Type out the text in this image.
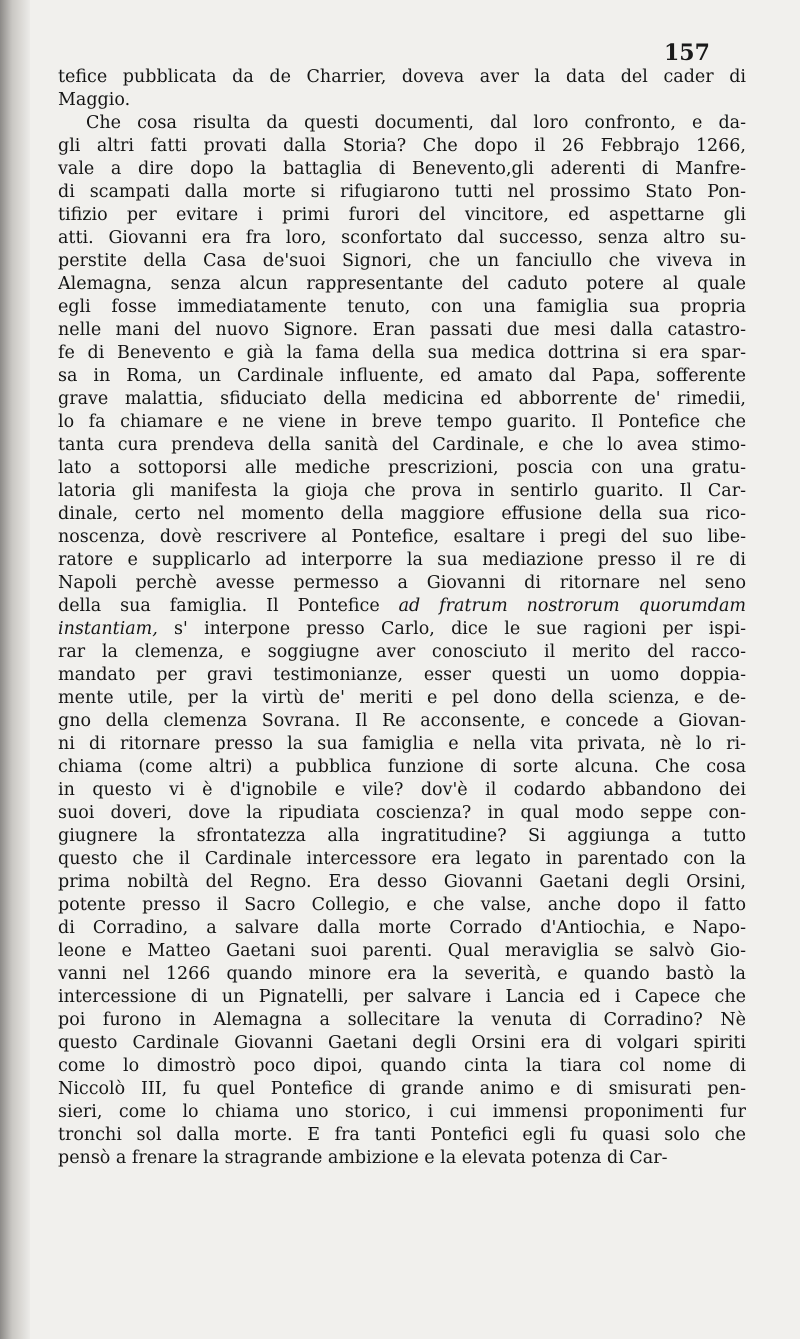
157
tefice pubblicata da de Charrier, doveva aver la data del cader di
Maggio.
Che cosa risulta da questi documenti, dal loro confronto, e da-
gli altri fatti provati dalla Storia? Che dopo il 26 Febbrajo 1266,
vale a dire dopo la battaglia di Benevento,gli aderenti di Manfre-
di scampati dalla morte si rifugiarono tutti nel prossimo Stato Pon-
tifizio per evitare i primi furori del vincitore, ed aspettarne gli
atti. Giovanni era fra loro, sconfortato dal successo, senza altro su-
perstite della Casa de'suoi Signori, che un fanciullo che viveva in
Alemagna, senza alcun rappresentante del caduto potere al quale
egli fosse immediatamente tenuto, con una famiglia sua propria
nelle mani del nuovo Signore. Eran passati due mesi dalla catastro-
fe di Benevento e già la fama della sua medica dottrina si era spar-
sa in Roma, un Cardinale influente, ed amato dal Papa, sofferente
grave malattia, sfiduciato della medicina ed abborrente de' rimedii,
lo fa chiamare e ne viene in breve tempo guarito. Il Pontefice che
tanta cura prendeva della sanità del Cardinale, e che lo avea stimo-
lato a sottoporsi alle mediche prescrizioni, poscia con una gratu-
latoria gli manifesta la gioja che prova in sentirlo guarito. Il Car-
dinale, certo nel momento della maggiore effusione della sua rico-
noscenza, dovè rescrivere al Pontefice, esaltare i pregi del suo libe-
ratore e supplicarlo ad interporre la sua mediazione presso il re di
Napoli perchè avesse permesso a Giovanni di ritornare nel seno
della sua famiglia. Il Pontefice ad fratrum nostrorum quorumdam
instantiam, s' interpone presso Carlo, dice le sue ragioni per ispi-
rar la clemenza, e soggiugne aver conosciuto il merito del racco-
mandato per gravi testimonianze, esser questi un uomo doppia-
mente utile, per la virtù de' meriti e pel dono della scienza, e de-
gno della clemenza Sovrana. Il Re acconsente, e concede a Giovan-
ni di ritornare presso la sua famiglia e nella vita privata, nè lo ri-
chiama (come altri) a pubblica funzione di sorte alcuna. Che cosa
in questo vi è d'ignobile e vile? dov'è il codardo abbandono dei
suoi doveri, dove la ripudiata coscienza? in qual modo seppe con-
giugnere la sfrontatezza alla ingratitudine? Si aggiunga a tutto
questo che il Cardinale intercessore era legato in parentado con la
prima nobiltà del Regno. Era desso Giovanni Gaetani degli Orsini,
potente presso il Sacro Collegio, e che valse, anche dopo il fatto
di Corradino, a salvare dalla morte Corrado d'Antiochia, e Napo-
leone e Matteo Gaetani suoi parenti. Qual meraviglia se salvò Gio-
vanni nel 1266 quando minore era la severità, e quando bastò la
intercessione di un Pignatelli, per salvare i Lancia ed i Capece che
poi furono in Alemagna a sollecitare la venuta di Corradino? Nè
questo Cardinale Giovanni Gaetani degli Orsini era di volgari spiriti
come lo dimostrò poco dipoi, quando cinta la tiara col nome di
Niccolò III, fu quel Pontefice di grande animo e di smisurati pen-
sieri, come lo chiama uno storico, i cui immensi proponimenti fur
tronchi sol dalla morte. E fra tanti Pontefici egli fu quasi solo che
pensò a frenare la stragrande ambizione e la elevata potenza di Car-
